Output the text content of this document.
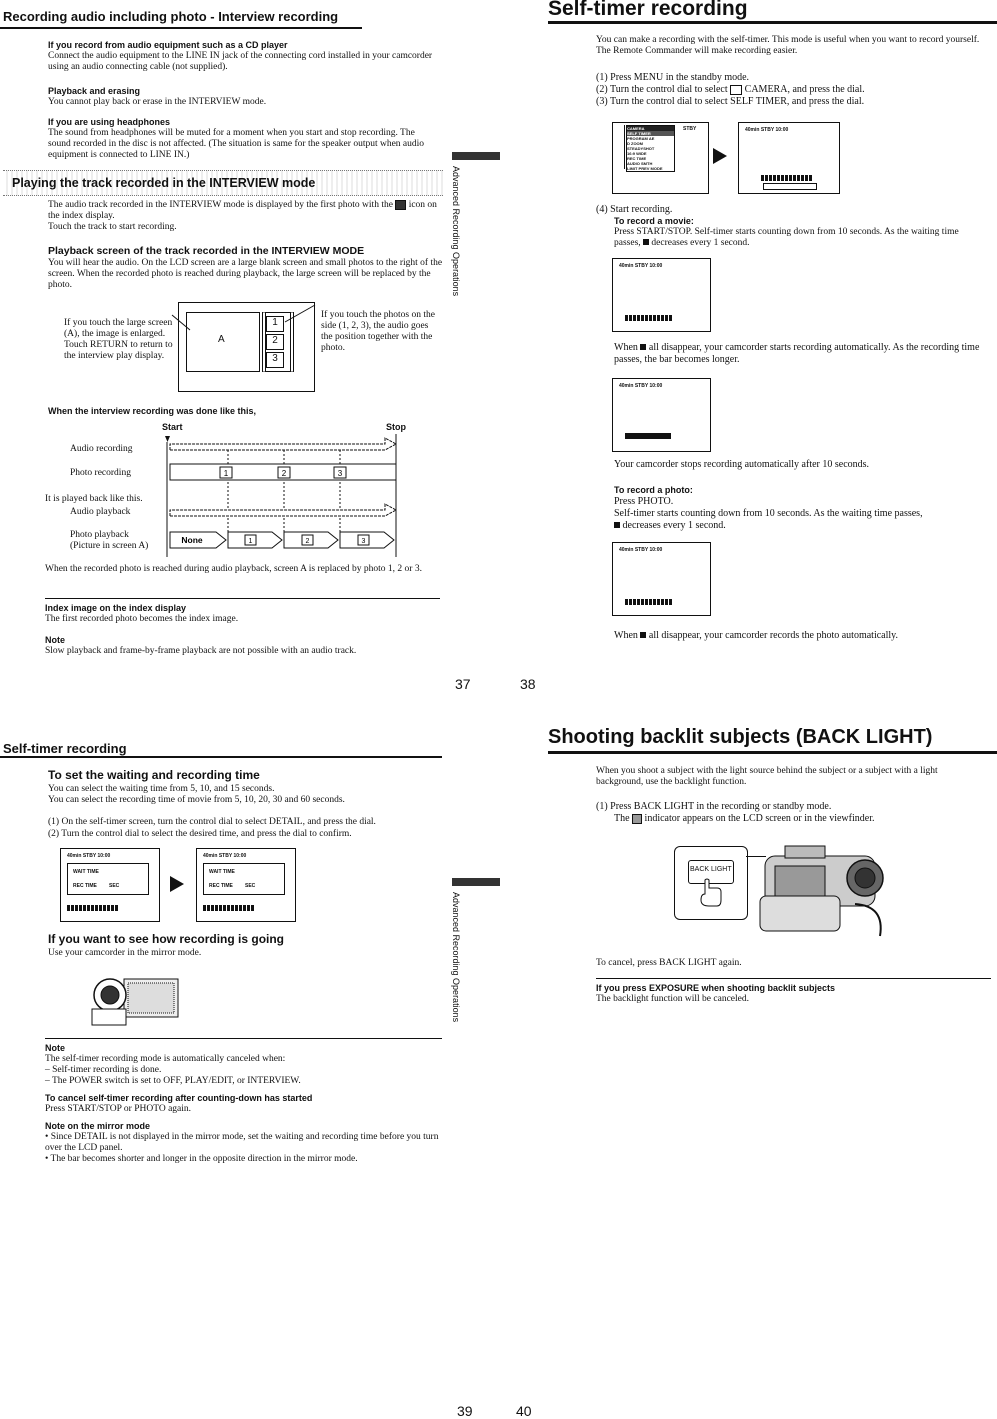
Recording audio including photo - Interview recording
If you record from audio equipment such as a CD player
Connect the audio equipment to the LINE IN jack of the connecting cord installed in your camcorder using an audio connecting cable (not supplied).
Playback and erasing
You cannot play back or erase in the INTERVIEW mode.
If you are using headphones
The sound from headphones will be muted for a moment when you start and stop recording. The sound recorded in the disc is not affected. (The situation is same for the speaker output when audio equipment is connected to LINE IN.)
Playing the track recorded in the INTERVIEW mode
The audio track recorded in the INTERVIEW mode is displayed by the first photo with the icon on the index display.
Touch the track to start recording.
Playback screen of the track recorded in the INTERVIEW MODE
You will hear the audio. On the LCD screen are a large blank screen and small photos to the right of the screen. When the recorded photo is reached during playback, the large screen will be replaced by the photo.
If you touch the large screen (A), the image is enlarged. Touch RETURN to return to the interview play display.
A
1
2
3
If you touch the photos on the side (1, 2, 3), the audio goes the position together with the photo.
When the interview recording was done like this,
Start	Stop
Audio recording
Photo recording
It is played back like this.
Audio playback
Photo playback
(Picture in screen A)
1	2	3
None	1	2	3
When the recorded photo is reached during audio playback, screen A is replaced by photo 1, 2 or 3.
Index image on the index display
The first recorded photo becomes the index image.
Note
Slow playback and frame-by-frame playback are not possible with an audio track.
Advanced Recording Operations
37
Self-timer recording
You can make a recording with the self-timer. This mode is useful when you want to record yourself. The Remote Commander will make recording easier.
(1) Press MENU in the standby mode.
(2) Turn the control dial to select CAMERA, and press the dial.
(3) Turn the control dial to select SELF TIMER, and press the dial.
CAMERA
SELF TIMER
PROGRAM AE
D ZOOM
STEADYSHOT
16:9 WIDE
REC TIME
AUDIO SMTH
LIMIT PREV MODE
STBY	40min STBY 10:00
(4) Start recording.
To record a movie:
Press START/STOP. Self-timer starts counting down from 10 seconds. As the waiting time passes, decreases every 1 second.
40min STBY 10:00
When all disappear, your camcorder starts recording automatically. As the recording time passes, the bar becomes longer.
40min STBY 10:00
Your camcorder stops recording automatically after 10 seconds.
To record a photo:
Press PHOTO.
Self-timer starts counting down from 10 seconds. As the waiting time passes,
decreases every 1 second.
40min STBY 10:00
When all disappear, your camcorder records the photo automatically.
38
Self-timer recording
To set the waiting and recording time
You can select the waiting time from 5, 10, and 15 seconds.
You can select the recording time of movie from 5, 10, 20, 30 and 60 seconds.
(1) On the self-timer screen, turn the control dial to select DETAIL, and press the dial.
(2) Turn the control dial to select the desired time, and press the dial to confirm.
40min STBY 10:00
WAIT TIME
REC TIME SEC
40min STBY 10:00
WAIT TIME
REC TIME SEC
If you want to see how recording is going
Use your camcorder in the mirror mode.
Note
The self-timer recording mode is automatically canceled when:
– Self-timer recording is done.
– The POWER switch is set to OFF, PLAY/EDIT, or INTERVIEW.
To cancel self-timer recording after counting-down has started
Press START/STOP or PHOTO again.
Note on the mirror mode
• Since DETAIL is not displayed in the mirror mode, set the waiting and recording time before you turn over the LCD panel.
• The bar becomes shorter and longer in the opposite direction in the mirror mode.
Advanced Recording Operations
39
Shooting backlit subjects (BACK LIGHT)
When you shoot a subject with the light source behind the subject or a subject with a light background, use the backlight function.
(1) Press BACK LIGHT in the recording or standby mode.
The indicator appears on the LCD screen or in the viewfinder.
BACK LIGHT
To cancel, press BACK LIGHT again.
If you press EXPOSURE when shooting backlit subjects
The backlight function will be canceled.
40
